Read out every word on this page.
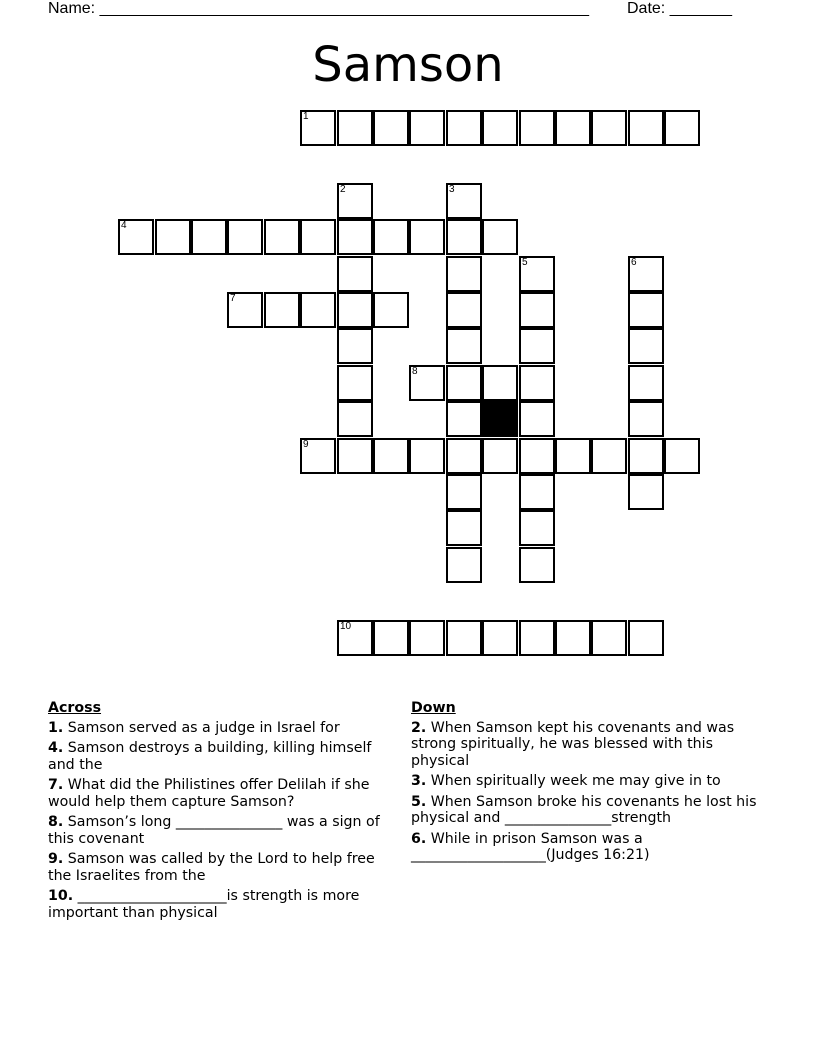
Name: _______________________________________________________ Date: _______
Samson
1
2	3
4
5	6
7
8
9
10
Across
1. Samson served as a judge in Israel for
4. Samson destroys a building, killing himself and the
7. What did the Philistines offer Delilah if she would help them capture Samson?
8. Samson’s long _______________ was a sign of this covenant
9. Samson was called by the Lord to help free the Israelites from the
10. _____________________is strength is more important than physical
Down
2. When Samson kept his covenants and was strong spiritually, he was blessed with this physical
3. When spiritually week me may give in to
5. When Samson broke his covenants he lost his physical and _______________strength
6. While in prison Samson was a ___________________(Judges 16:21)
